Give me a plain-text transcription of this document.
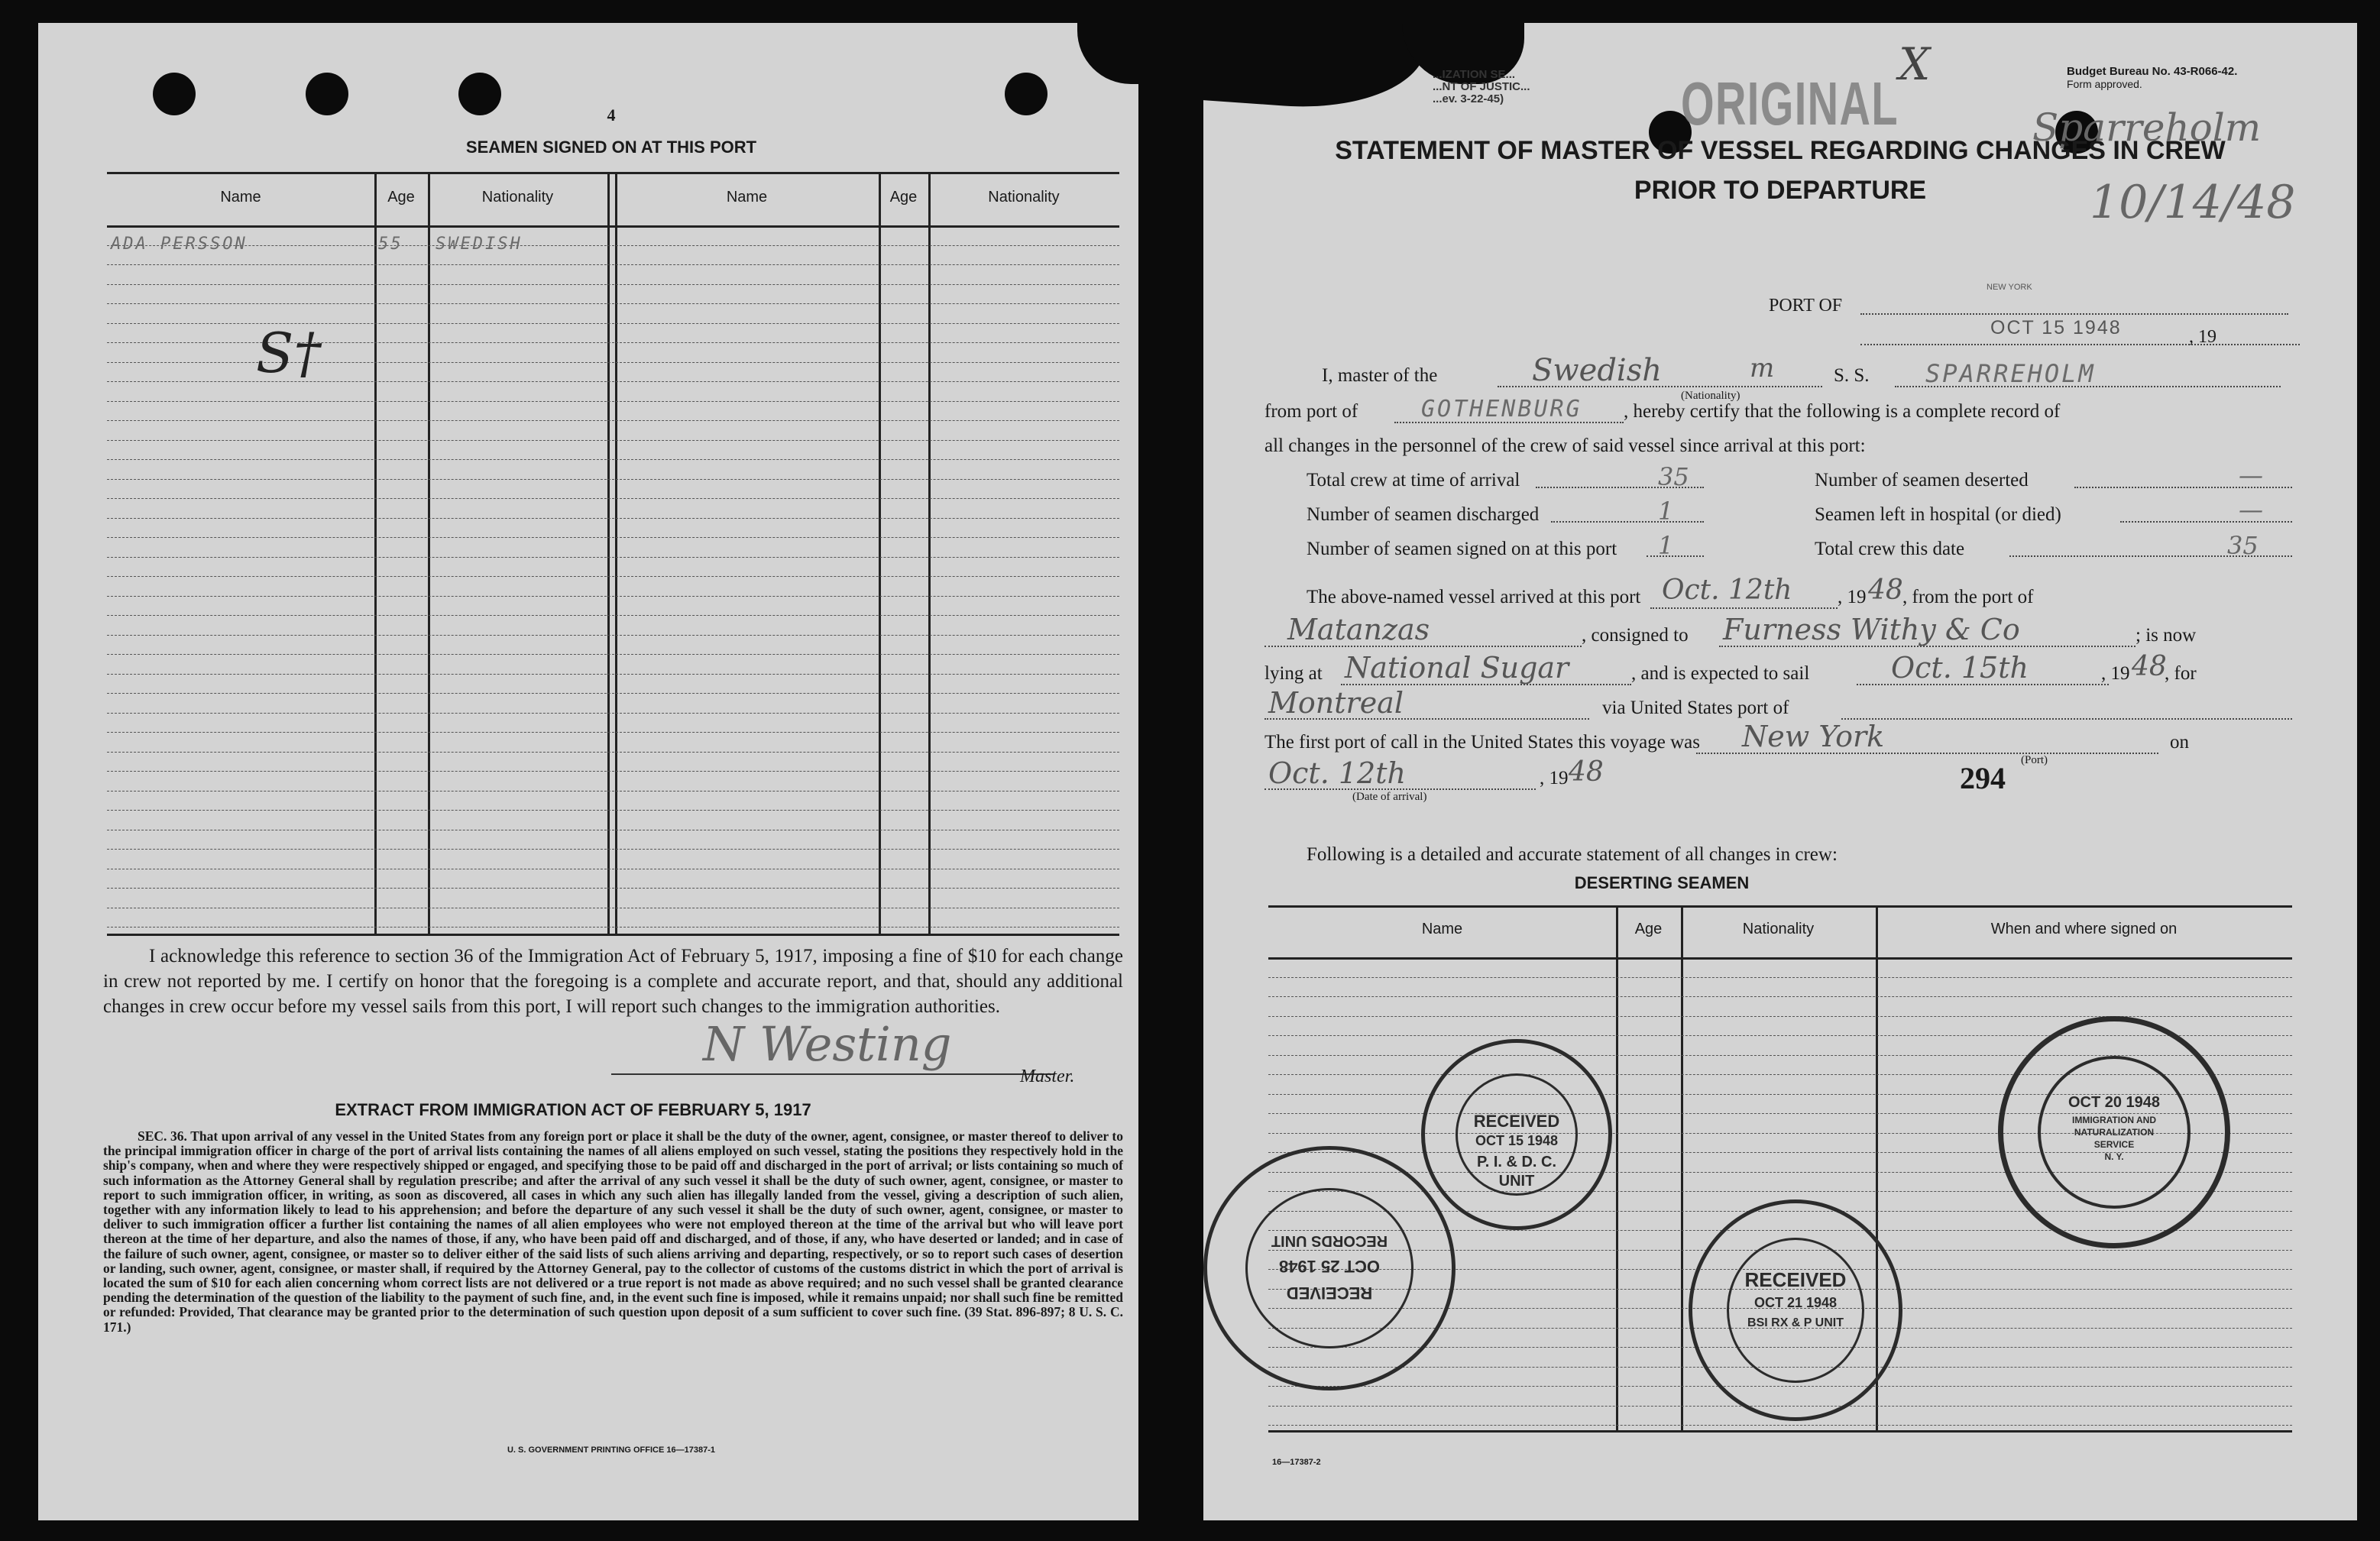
4
SEAMEN SIGNED ON AT THIS PORT
Name	Age	Nationality	Name	Age	Nationality
ADA PERSSON	55 SWEDISH
S†
I acknowledge this reference to section 36 of the Immigration Act of February 5, 1917, imposing a fine of $10 for each change in crew not reported by me. I certify on honor that the foregoing is a complete and accurate report, and that, should any additional changes in crew occur before my vessel sails from this port, I will report such changes to the immigration authorities.
N Westing
Master.
EXTRACT FROM IMMIGRATION ACT OF FEBRUARY 5, 1917
SEC. 36. That upon arrival of any vessel in the United States from any foreign port or place it shall be the duty of the owner, agent, consignee, or master thereof to deliver to the principal immigration officer in charge of the port of arrival lists containing the names of all aliens employed on such vessel, stating the positions they respectively hold in the ship's company, when and where they were respectively shipped or engaged, and specifying those to be paid off and discharged in the port of arrival; or lists containing so much of such information as the Attorney General shall by regulation prescribe; and after the arrival of any such vessel it shall be the duty of such owner, agent, consignee, or master to report to such immigration officer, in writing, as soon as discovered, all cases in which any such alien has illegally landed from the vessel, giving a description of such alien, together with any information likely to lead to his apprehension; and before the departure of any such vessel it shall be the duty of such owner, agent, consignee, or master to deliver to such immigration officer a further list containing the names of all alien employees who were not employed thereon at the time of the arrival but who will leave port thereon at the time of her departure, and also the names of those, if any, who have been paid off and discharged, and of those, if any, who have deserted or landed; and in case of the failure of such owner, agent, consignee, or master so to deliver either of the said lists of such aliens arriving and departing, respectively, or so to report such cases of desertion or landing, such owner, agent, consignee, or master shall, if required by the Attorney General, pay to the collector of customs of the customs district in which the port of arrival is located the sum of $10 for each alien concerning whom correct lists are not delivered or a true report is not made as above required; and no such vessel shall be granted clearance pending the determination of the question of the liability to the payment of such fine, and, in the event such fine is imposed, while it remains unpaid; nor shall such fine be remitted or refunded: Provided, That clearance may be granted prior to the determination of such question upon deposit of a sum sufficient to cover such fine. (39 Stat. 896-897; 8 U. S. C. 171.)
U. S. GOVERNMENT PRINTING OFFICE 16—17387-1
...IZATION SE...
...NT OF JUSTIC...
...ev. 3-22-45)	ORIGINAL
X
Sparreholm
Budget Bureau No. 43-R066-42.
Form approved.
STATEMENT OF MASTER OF VESSEL REGARDING CHANGES IN CREW
PRIOR TO DEPARTURE	10/14/48
PORT OF
NEW YORK
OCT 15 1948	, 19
I, master of the	Swedish
(Nationality)
m	S. S. SPARREHOLM
from port of	GOTHENBURG , hereby certify that the following is a complete record of
all changes in the personnel of the crew of said vessel since arrival at this port:
Total crew at time of arrival	35
Number of seamen discharged	1
Number of seamen signed on at this port 1
Number of seamen deserted	—
Seamen left in hospital (or died)	—
Total crew this date	35
The above-named vessel arrived at this port Oct. 12th , 19 48 , from the port of
Matanzas	, consigned to Furness Withy & Co	; is now
lying at National Sugar	, and is expected to sail	Oct. 15th	, 19 48
, for
Montreal	via United States port of
The first port of call in the United States this voyage was New York	on
(Port)
Oct. 12th	, 19 48
(Date of arrival)
294
Following is a detailed and accurate statement of all changes in crew:
DESERTING SEAMEN
Name	Age	Nationality	When and where signed on
16—17387-2
RECEIVED
OCT 15 1948
P. I. & D. C.
UNIT
RECEIVED
OCT 25 1948
RECORDS UNIT
RECEIVED
OCT 21 1948
BSI RX & P UNIT
OCT 20 1948
IMMIGRATION AND
NATURALIZATION
SERVICE
N. Y.
